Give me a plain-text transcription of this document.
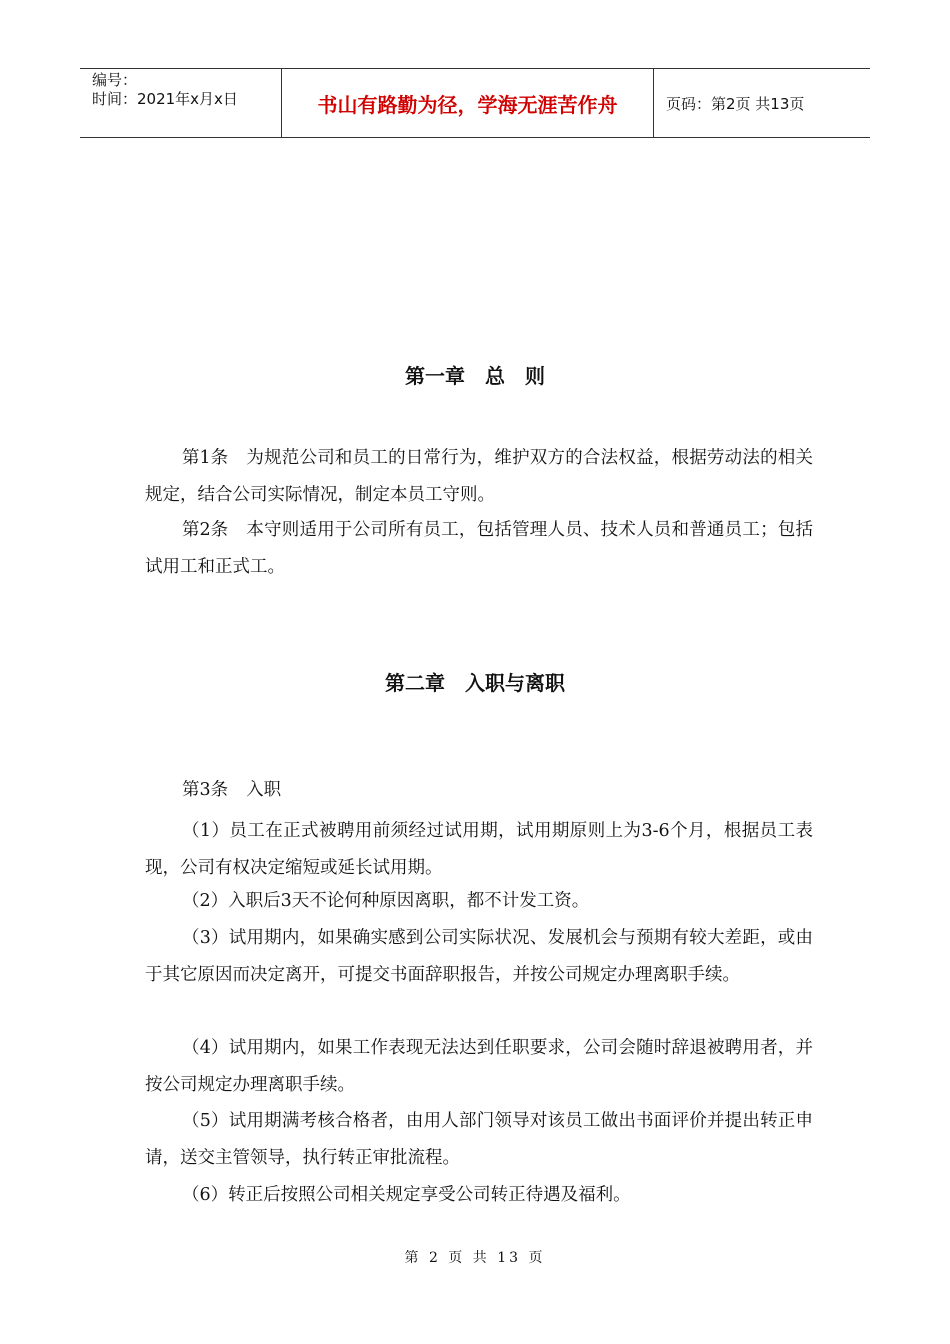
编号：
时间：2021年x月x日	书山有路勤为径，学海无涯苦作舟	页码：第2页 共13页
第一章　总　则
第1条 为规范公司和员工的日常行为，维护双方的合法权益，根据劳动法的相关规定，结合公司实际情况，制定本员工守则。
第2条 本守则适用于公司所有员工，包括管理人员、技术人员和普通员工；包括试用工和正式工。
第二章　入职与离职
第3条 入职
（1）员工在正式被聘用前须经过试用期，试用期原则上为3-6个月，根据员工表现，公司有权决定缩短或延长试用期。
（2）入职后3天不论何种原因离职，都不计发工资。
（3）试用期内，如果确实感到公司实际状况、发展机会与预期有较大差距，或由于其它原因而决定离开，可提交书面辞职报告，并按公司规定办理离职手续。
（4）试用期内，如果工作表现无法达到任职要求，公司会随时辞退被聘用者，并按公司规定办理离职手续。
（5）试用期满考核合格者，由用人部门领导对该员工做出书面评价并提出转正申请，送交主管领导，执行转正审批流程。
（6）转正后按照公司相关规定享受公司转正待遇及福利。
第 2 页 共 13 页
